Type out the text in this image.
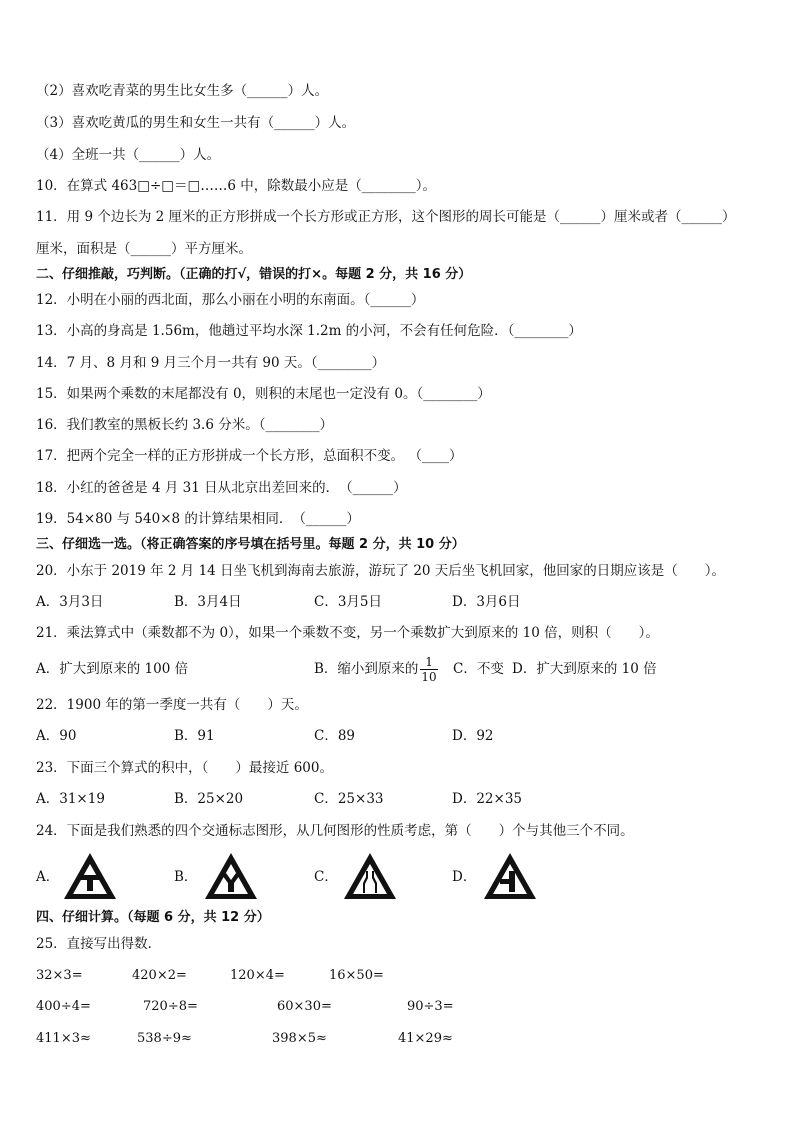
（2）喜欢吃青菜的男生比女生多（______）人。
（3）喜欢吃黄瓜的男生和女生一共有（______）人。
（4）全班一共（______）人。
10．在算式 463□÷□＝□……6 中，除数最小应是（________）。
11．用 9 个边长为 2 厘米的正方形拼成一个长方形或正方形，这个图形的周长可能是（______）厘米或者（______）
厘米，面积是（______）平方厘米。
二、仔细推敲，巧判断。（正确的打√，错误的打×。每题 2 分，共 16 分）
12．小明在小丽的西北面，那么小丽在小明的东南面。（______）
13．小高的身高是 1.56m，他趟过平均水深 1.2m 的小河，不会有任何危险．（________）
14．7 月、8 月和 9 月三个月一共有 90 天。（________）
15．如果两个乘数的末尾都没有 0，则积的末尾也一定没有 0。（________）
16．我们教室的黑板长约 3.6 分米。（________）
17．把两个完全一样的正方形拼成一个长方形，总面积不变。 （____）
18．小红的爸爸是 4 月 31 日从北京出差回来的．　（______）
19．54×80 与 540×8 的计算结果相同．　（______）
三、仔细选一选。（将正确答案的序号填在括号里。每题 2 分，共 10 分）
20．小东于 2019 年 2 月 14 日坐飞机到海南去旅游，游玩了 20 天后坐飞机回家，他回家的日期应该是（　　）。
A．3月3日	B．3月4日	C．3月5日	D．3月6日
21．乘法算式中（乘数都不为 0），如果一个乘数不变，另一个乘数扩大到原来的 10 倍，则积（　　）。
A．扩大到原来的 100 倍	B．缩小到原来的 $\frac{1}{10}$ C．不变 D．扩大到原来的 10 倍
22．1900 年的第一季度一共有（　　）天。
A．90	B．91	C．89	D．92
23．下面三个算式的积中，（　　）最接近 600。
A．31×19	B．25×20	C．25×33	D．22×35
24．下面是我们熟悉的四个交通标志图形，从几何图形的性质考虑，第（　　）个与其他三个不同。
A．	B．	C．	D．
四、仔细计算。（每题 6 分，共 12 分）
25．直接写出得数．
32×3=	420×2=	120×4=	16×50=
400÷4=	720÷8=	60×30=	90÷3=
411×3≈	538÷9≈	398×5≈	41×29≈
